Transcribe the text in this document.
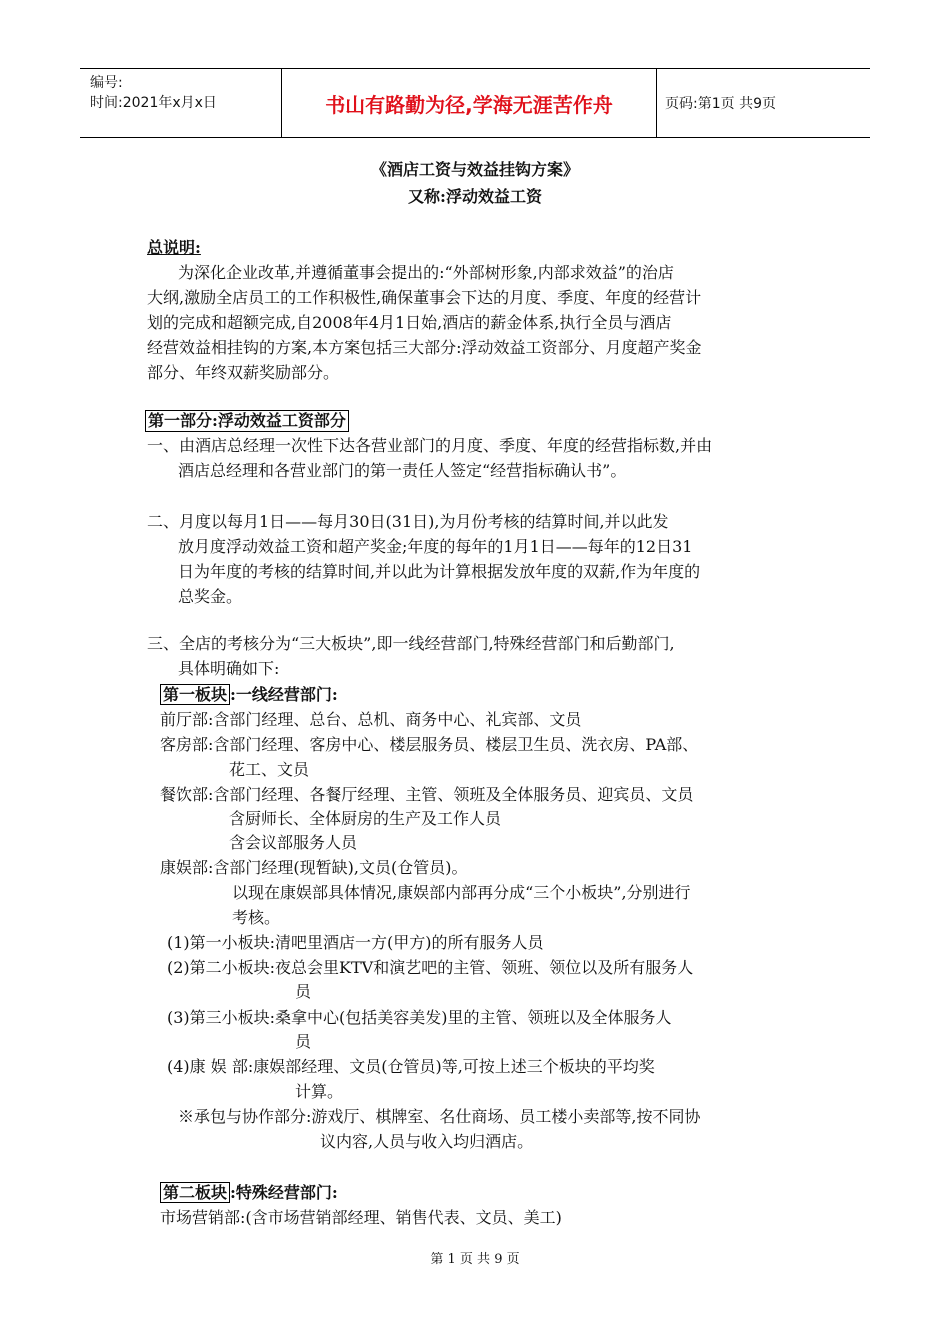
编号:
时间:2021年x月x日	书山有路勤为径,学海无涯苦作舟	页码:第1页 共9页
《酒店工资与效益挂钩方案》
又称:浮动效益工资
总说明:
为深化企业改革,并遵循董事会提出的:“外部树形象,内部求效益”的治店
大纲,激励全店员工的工作积极性,确保董事会下达的月度、季度、年度的经营计
划的完成和超额完成,自2008年4月1日始,酒店的薪金体系,执行全员与酒店
经营效益相挂钩的方案,本方案包括三大部分:浮动效益工资部分、月度超产奖金
部分、年终双薪奖励部分。
第一部分:浮动效益工资部分
一、由酒店总经理一次性下达各营业部门的月度、季度、年度的经营指标数,并由
酒店总经理和各营业部门的第一责任人签定“经营指标确认书”。
二、月度以每月1日——每月30日(31日),为月份考核的结算时间,并以此发
放月度浮动效益工资和超产奖金;年度的每年的1月1日——每年的12日31
日为年度的考核的结算时间,并以此为计算根据发放年度的双薪,作为年度的
总奖金。
三、全店的考核分为“三大板块”,即一线经营部门,特殊经营部门和后勤部门,
具体明确如下:
第一板块 :一线经营部门:
前厅部:含部门经理、总台、总机、商务中心、礼宾部、文员
客房部:含部门经理、客房中心、楼层服务员、楼层卫生员、洗衣房、PA部、
花工、文员
餐饮部:含部门经理、各餐厅经理、主管、领班及全体服务员、迎宾员、文员
含厨师长、全体厨房的生产及工作人员
含会议部服务人员
康娱部:含部门经理(现暂缺),文员(仓管员)。
以现在康娱部具体情况,康娱部内部再分成“三个小板块”,分别进行
考核。
(1)第一小板块:清吧里酒店一方(甲方)的所有服务人员
(2)第二小板块:夜总会里KTV和演艺吧的主管、领班、领位以及所有服务人
员
(3)第三小板块:桑拿中心(包括美容美发)里的主管、领班以及全体服务人
员
(4)康 娱 部:康娱部经理、文员(仓管员)等,可按上述三个板块的平均奖
计算。
※承包与协作部分:游戏厅、棋牌室、名仕商场、员工楼小卖部等,按不同协
议内容,人员与收入均归酒店。
第二板块 :特殊经营部门:
市场营销部:(含市场营销部经理、销售代表、文员、美工)
第 1 页 共 9 页
